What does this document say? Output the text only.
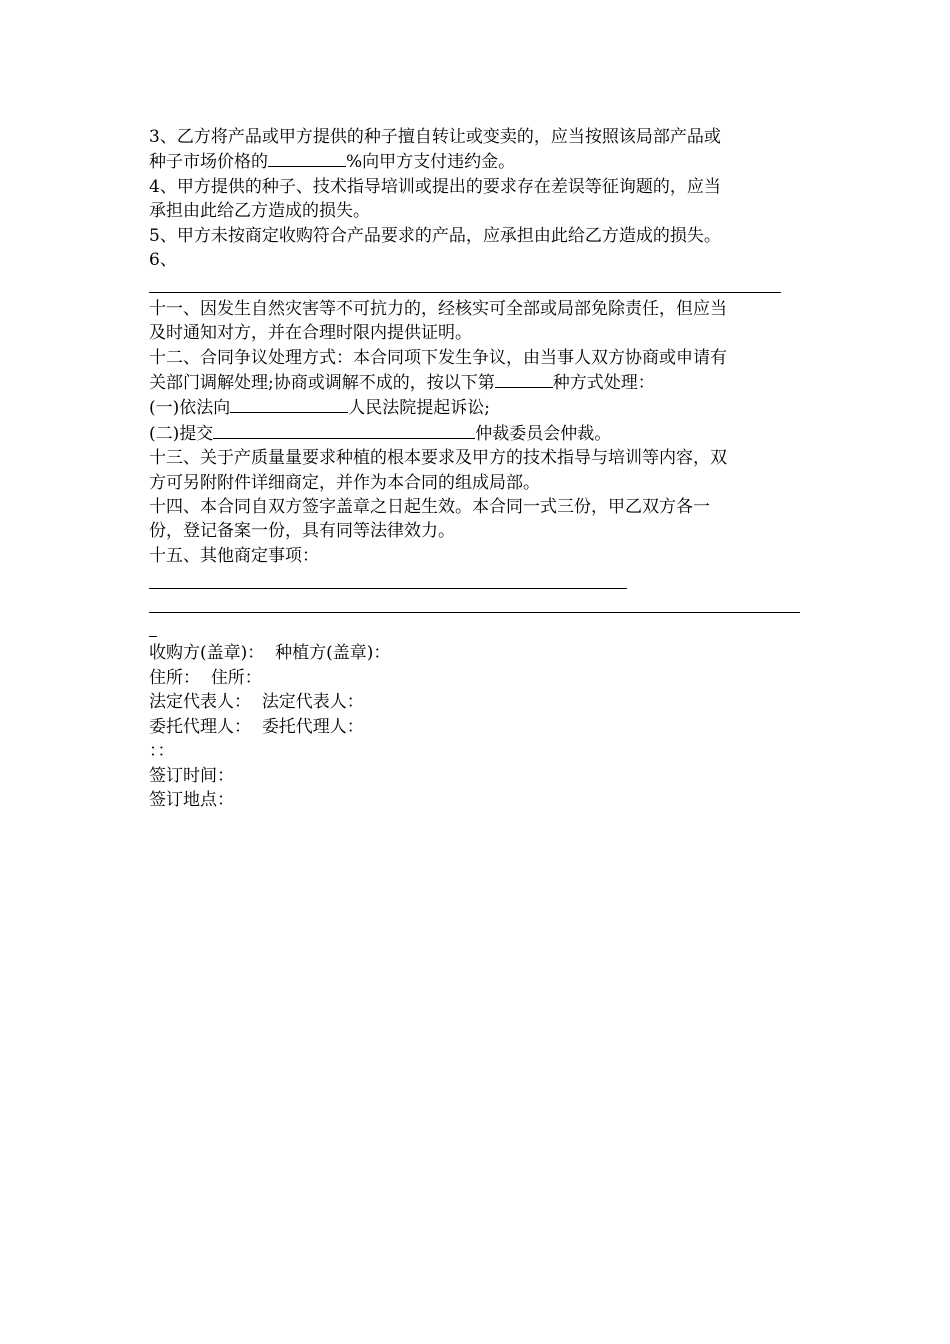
3、乙方将产品或甲方提供的种子擅自转让或变卖的，应当按照该局部产品或
种子市场价格的	%向甲方支付违约金。
4、甲方提供的种子、技术指导培训或提出的要求存在差误等征询题的，应当
承担由此给乙方造成的损失。
5、甲方未按商定收购符合产品要求的产品，应承担由此给乙方造成的损失。
6、
十一、因发生自然灾害等不可抗力的，经核实可全部或局部免除责任，但应当
及时通知对方，并在合理时限内提供证明。
十二、合同争议处理方式：本合同项下发生争议，由当事人双方协商或申请有
关部门调解处理;协商或调解不成的，按以下第	种方式处理：
(一)依法向	人民法院提起诉讼;
(二)提交	仲裁委员会仲裁。
十三、关于产质量量要求种植的根本要求及甲方的技术指导与培训等内容，双
方可另附附件详细商定，并作为本合同的组成局部。
十四、本合同自双方签字盖章之日起生效。本合同一式三份，甲乙双方各一
份，登记备案一份，具有同等法律效力。
十五、其他商定事项：
收购方(盖章)： 种植方(盖章)：
住所： 住所：
法定代表人： 法定代表人：
委托代理人： 委托代理人：
：：
签订时间：
签订地点：
